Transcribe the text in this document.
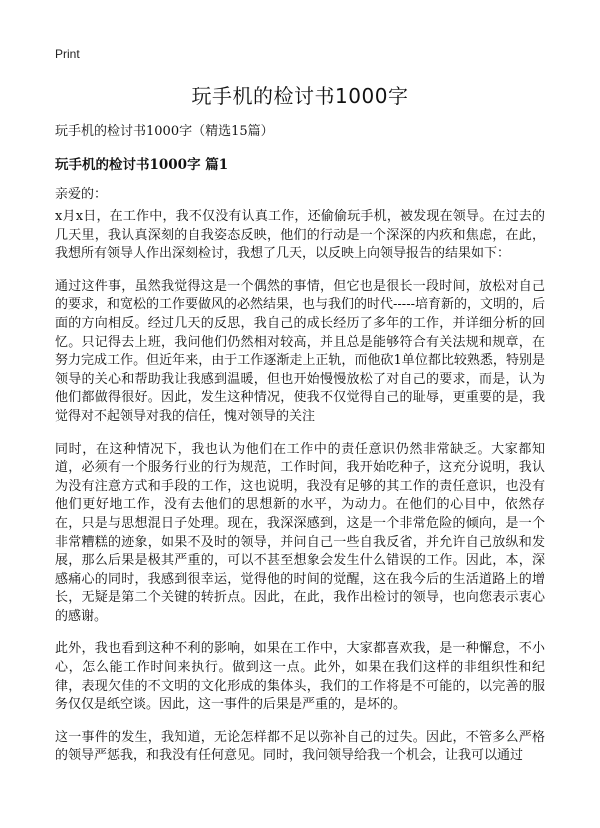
Print
玩手机的检讨书1000字
玩手机的检讨书1000字（精选15篇）
玩手机的检讨书1000字 篇1
亲爱的：

x月x日，在工作中，我不仅没有认真工作，还偷偷玩手机，被发现在领导。在过去的几天里，我认真深刻的自我姿态反映，他们的行动是一个深深的内疚和焦虑，在此，我想所有领导人作出深刻检讨，我想了几天，以反映上向领导报告的结果如下：

通过这件事，虽然我觉得这是一个偶然的事情，但它也是很长一段时间，放松对自己的要求，和宽松的工作要做风的必然结果，也与我们的时代-----培育新的，文明的，后面的方向相反。经过几天的反思，我自己的成长经历了多年的工作，并详细分析的回忆。只记得去上班，我问他们仍然相对较高，并且总是能够符合有关法规和规章，在努力完成工作。但近年来，由于工作逐渐走上正轨，而他砍1单位都比较熟悉，特别是领导的关心和帮助我让我感到温暖，但也开始慢慢放松了对自己的要求，而是，认为他们都做得很好。因此，发生这种情况，使我不仅觉得自己的耻辱，更重要的是，我觉得对不起领导对我的信任，愧对领导的关注

同时，在这种情况下，我也认为他们在工作中的责任意识仍然非常缺乏。大家都知道，必须有一个服务行业的行为规范，工作时间，我开始吃种子，这充分说明，我认为没有注意方式和手段的工作，这也说明，我没有足够的其工作的责任意识，也没有他们更好地工作，没有去他们的思想新的水平，为动力。在他们的心目中，依然存在，只是与思想混日子处理。现在，我深深感到，这是一个非常危险的倾向，是一个非常糟糕的迹象，如果不及时的领导，并问自己一些自我反省，并允许自己放纵和发展，那么后果是极其严重的，可以不甚至想象会发生什么错误的工作。因此，本，深感痛心的同时，我感到很幸运，觉得他的时间的觉醒，这在我今后的生活道路上的增长，无疑是第二个关键的转折点。因此，在此，我作出检讨的领导，也向您表示衷心的感谢。

此外，我也看到这种不利的影响，如果在工作中，大家都喜欢我，是一种懈怠，不小心，怎么能工作时间来执行。做到这一点。此外，如果在我们这样的非组织性和纪律，表现欠佳的不文明的文化形成的集体头，我们的工作将是不可能的，以完善的服务仅仅是纸空谈。因此，这一事件的后果是严重的，是坏的。

这一事件的发生，我知道，无论怎样都不足以弥补自己的过失。因此，不管多么严格的领导严惩我，和我没有任何意见。同时，我问领导给我一个机会，让我可以通过
